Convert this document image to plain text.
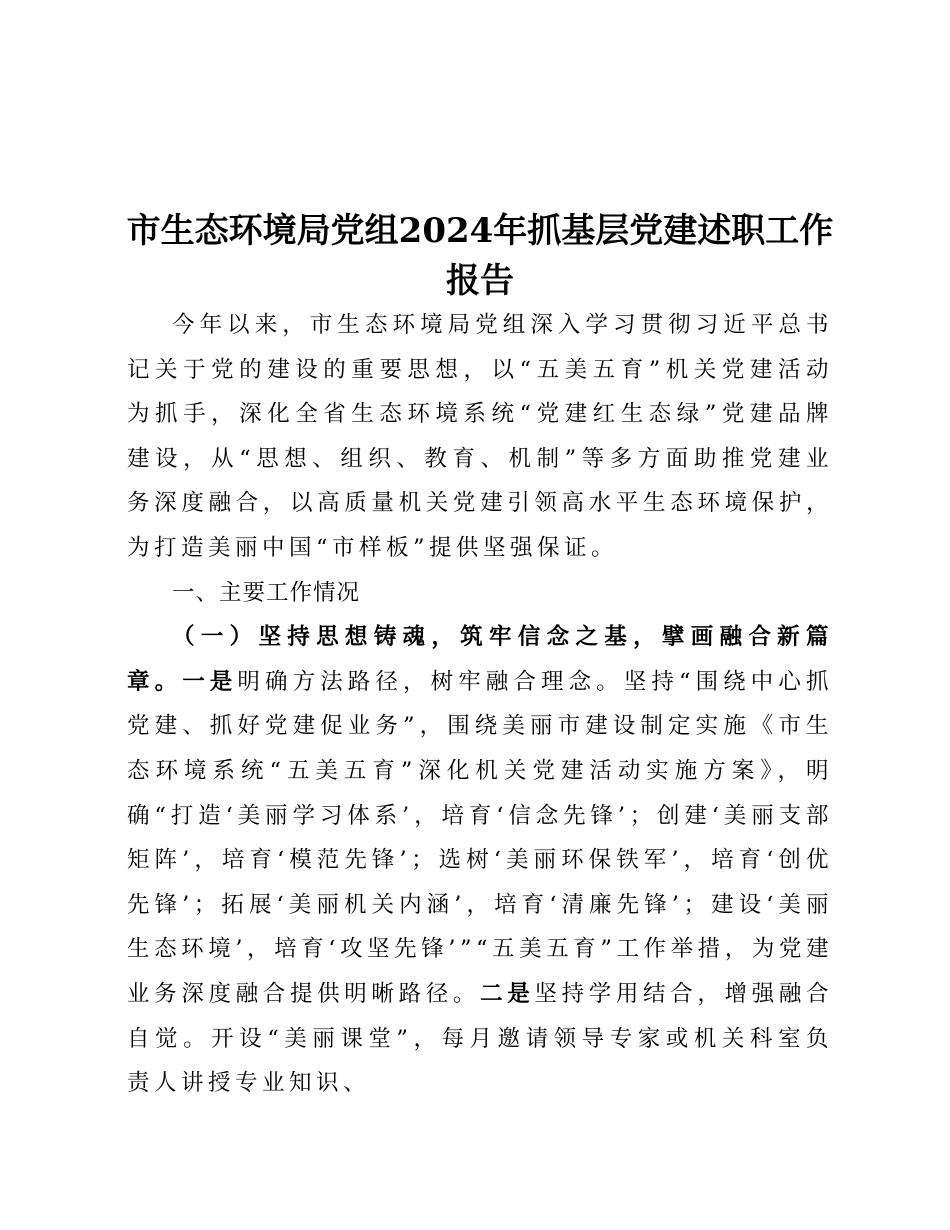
市生态环境局党组2024年抓基层党建述职工作报告

今年以来，市生态环境局党组深入学习贯彻习近平总书记关于党的建设的重要思想，以“五美五育”机关党建活动为抓手，深化全省生态环境系统“党建红生态绿”党建品牌建设，从“思想、组织、教育、机制”等多方面助推党建业务深度融合，以高质量机关党建引领高水平生态环境保护，为打造美丽中国“市样板”提供坚强保证。

一、主要工作情况

（一）坚持思想铸魂，筑牢信念之基，擘画融合新篇章。一是明确方法路径，树牢融合理念。坚持“围绕中心抓党建、抓好党建促业务”，围绕美丽市建设制定实施《市生态环境系统“五美五育”深化机关党建活动实施方案》，明确“打造‘美丽学习体系’，培育‘信念先锋’；创建‘美丽支部矩阵’，培育‘模范先锋’；选树‘美丽环保铁军’，培育‘创优先锋’；拓展‘美丽机关内涵’，培育‘清廉先锋’；建设‘美丽生态环境’，培育‘攻坚先锋’”“五美五育”工作举措，为党建业务深度融合提供明晰路径。二是坚持学用结合，增强融合自觉。开设“美丽课堂”，每月邀请领导专家或机关科室负责人讲授专业知识、
